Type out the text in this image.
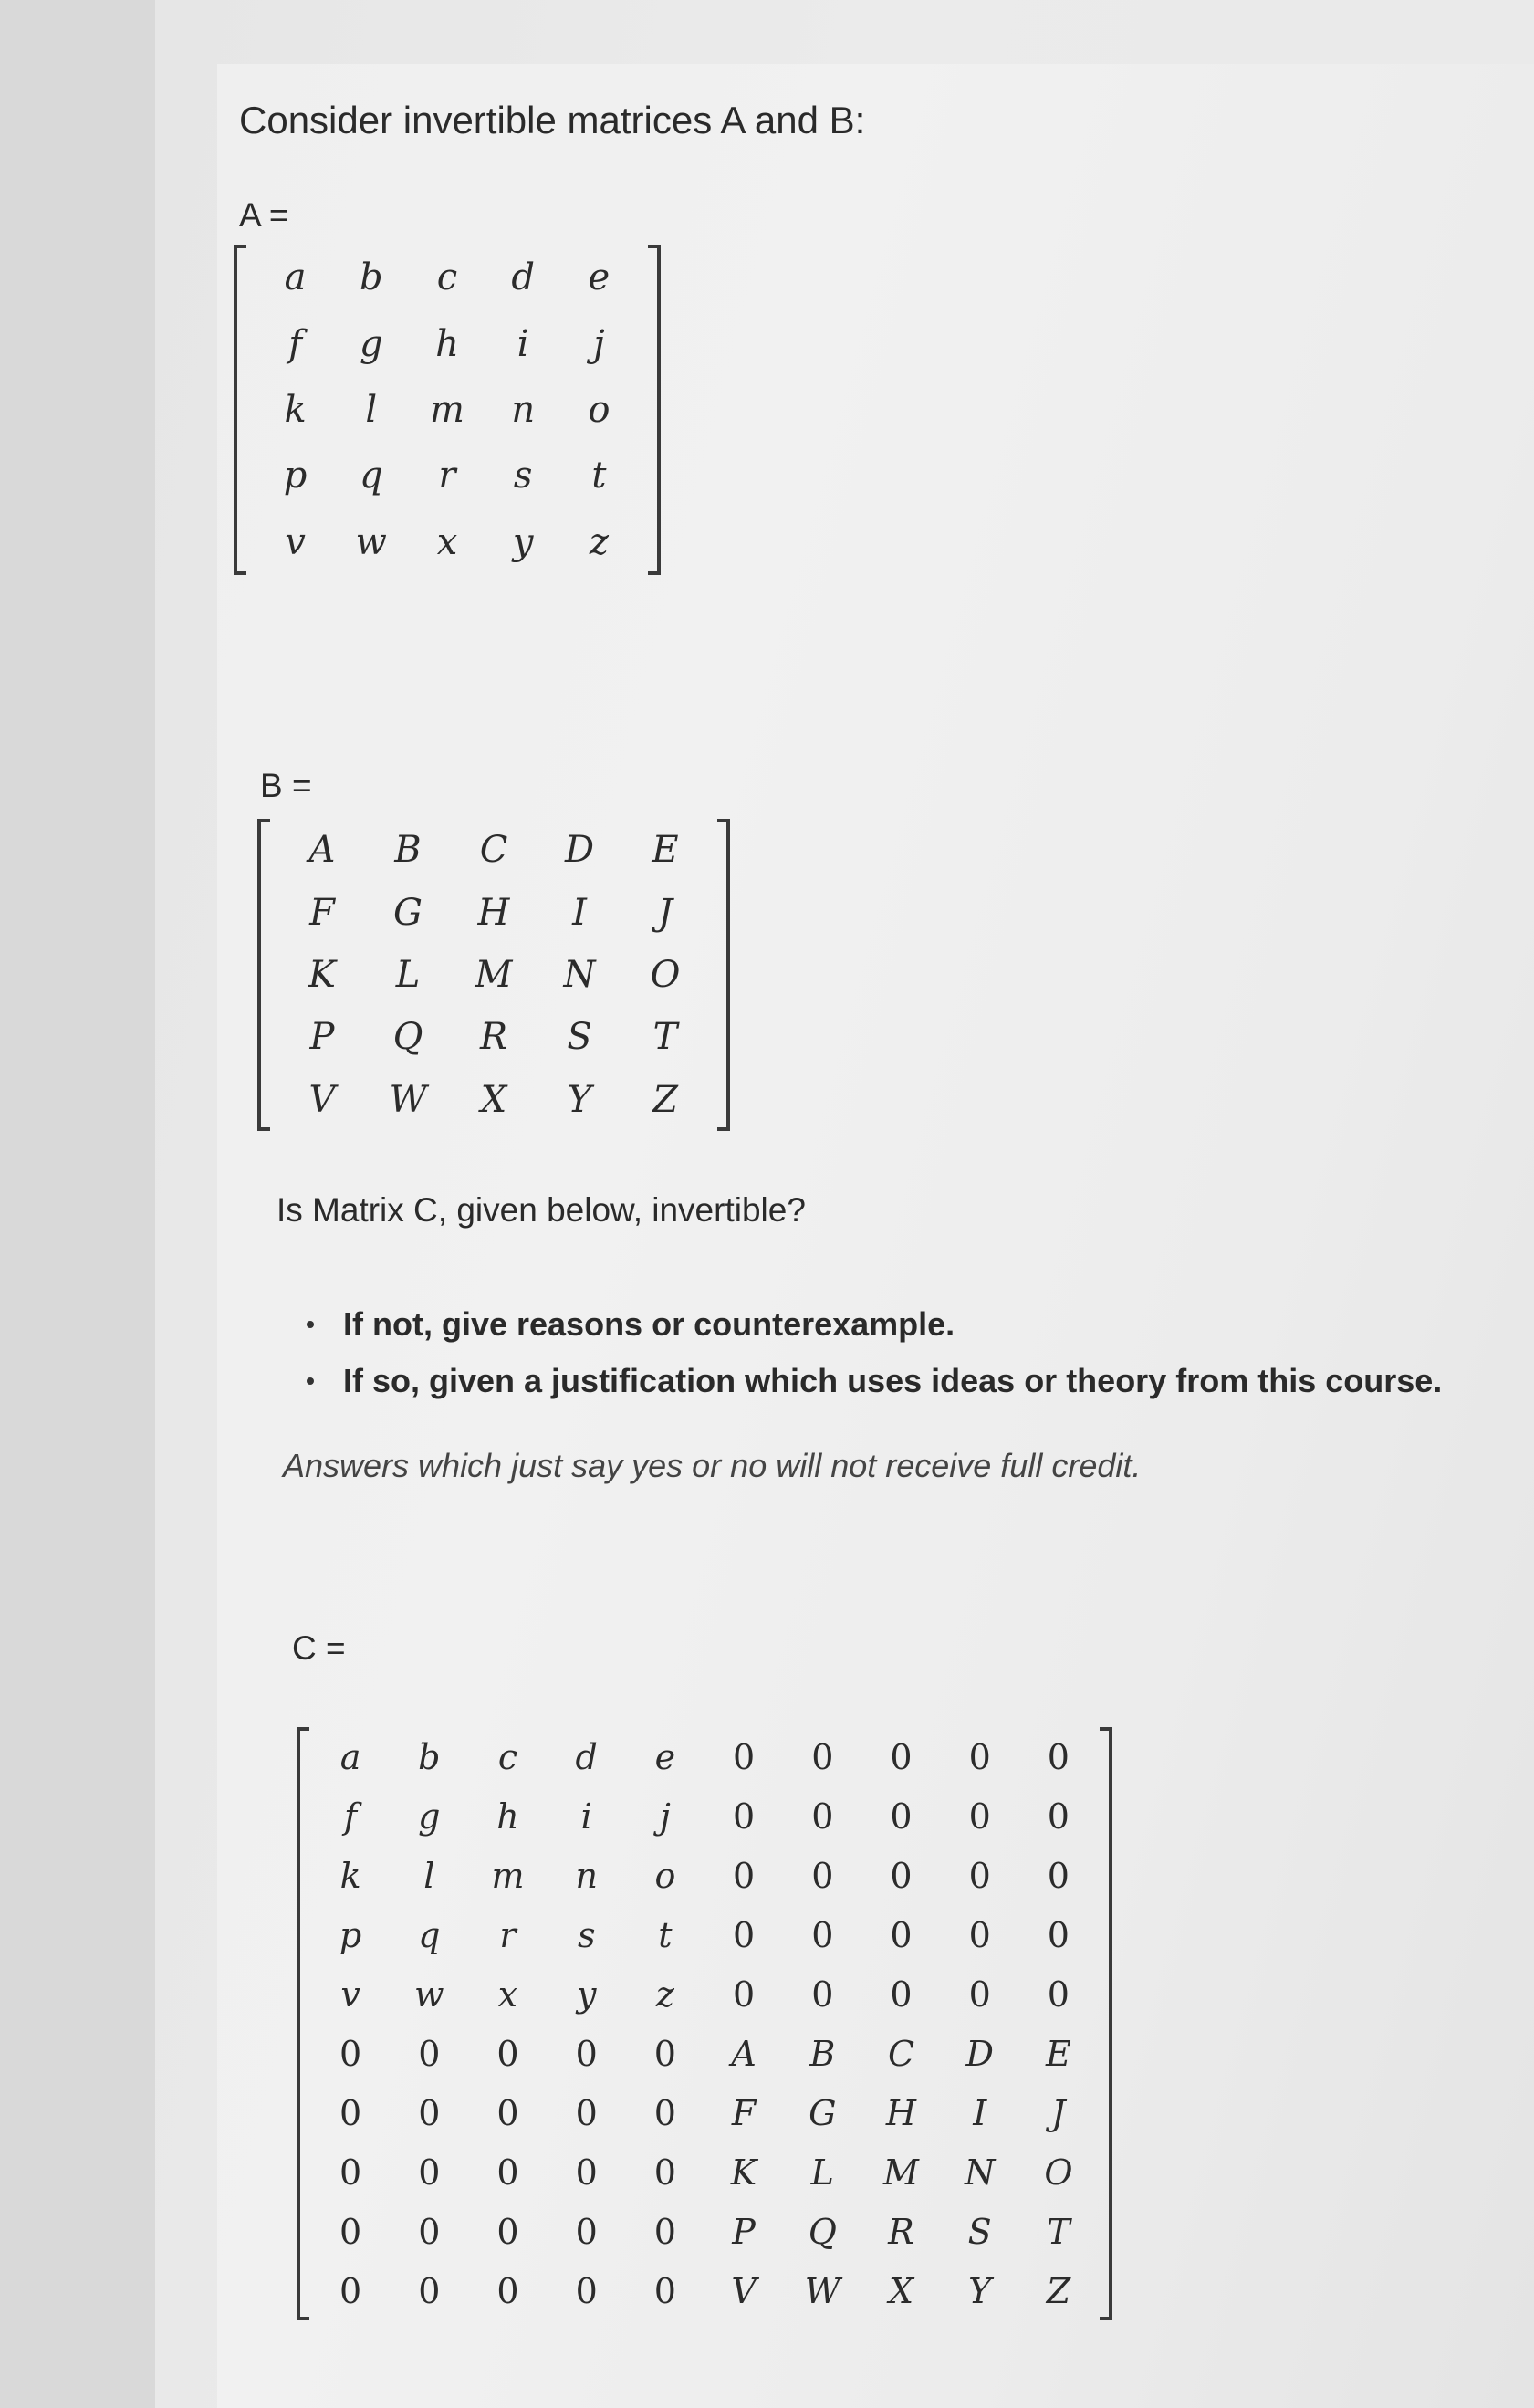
Consider invertible matrices A and B:
A =
a	b	c	d	e
f	g	h	i	j
k	l	m	n	o
p	q	r	s	t
v	w	x	y	z
B =
A	B	C	D	E
F	G	H	I	J
K	L	M	N	O
P	Q	R	S	T
V	W	X	Y	Z
Is Matrix C, given below, invertible?
If not, give reasons or counterexample.
If so, given a justification which uses ideas or theory from this course.
Answers which just say yes or no will not receive full credit.
C =
a	b	c	d	e	0	0	0	0	0
f	g	h	i	j	0	0	0	0	0
k	l	m	n	o	0	0	0	0	0
p	q	r	s	t	0	0	0	0	0
v	w	x	y	z	0	0	0	0	0
0	0	0	0	0	A	B	C	D	E
0	0	0	0	0	F	G	H	I	J
0	0	0	0	0	K	L	M	N	O
0	0	0	0	0	P	Q	R	S	T
0	0	0	0	0	V	W	X	Y	Z
